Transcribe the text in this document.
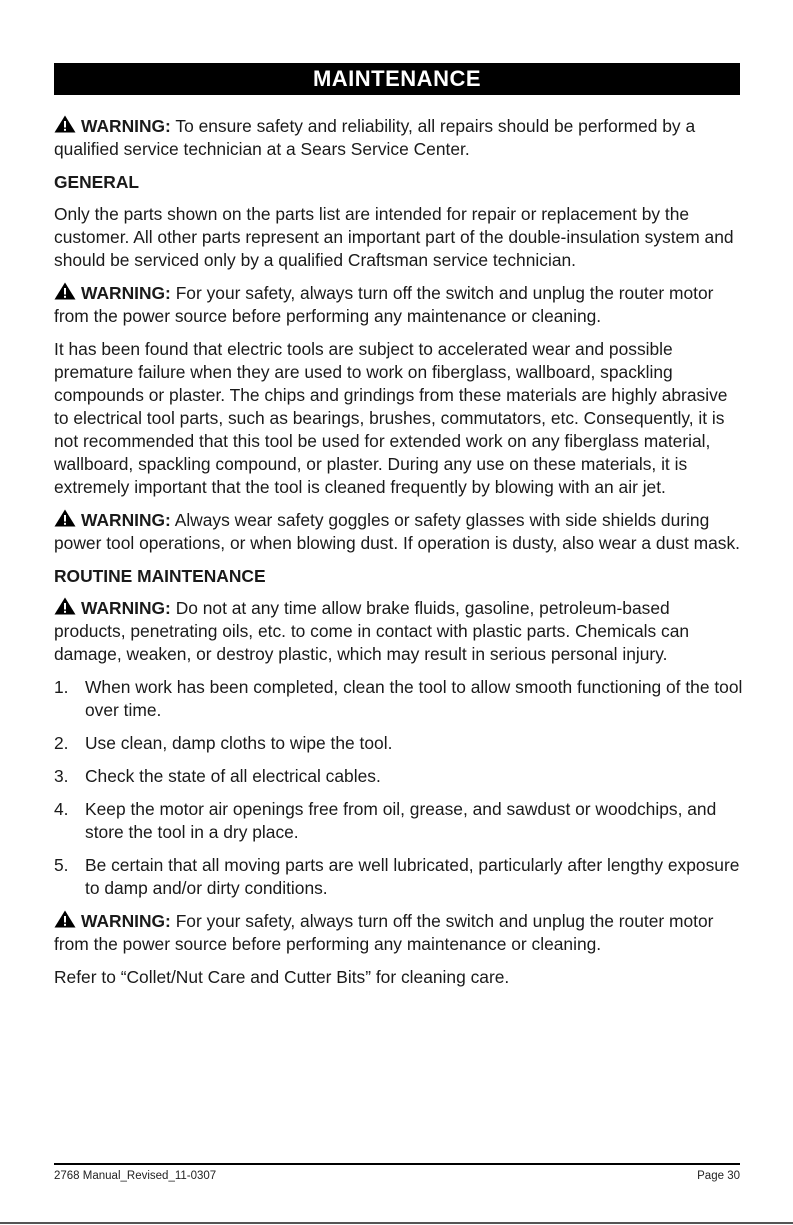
MAINTENANCE

WARNING: To ensure safety and reliability, all repairs should be performed by a qualified service technician at a Sears Service Center.

GENERAL

Only the parts shown on the parts list are intended for repair or replacement by the customer. All other parts represent an important part of the double-insulation system and should be serviced only by a qualified Craftsman service technician.

WARNING: For your safety, always turn off the switch and unplug the router motor from the power source before performing any maintenance or cleaning.

It has been found that electric tools are subject to accelerated wear and possible premature failure when they are used to work on fiberglass, wallboard, spackling compounds or plaster. The chips and grindings from these materials are highly abrasive to electrical tool parts, such as bearings, brushes, commutators, etc. Consequently, it is not recommended that this tool be used for extended work on any fiberglass material, wallboard, spackling compound, or plaster. During any use on these materials, it is extremely important that the tool is cleaned frequently by blowing with an air jet.

WARNING: Always wear safety goggles or safety glasses with side shields during power tool operations, or when blowing dust. If operation is dusty, also wear a dust mask.

ROUTINE MAINTENANCE

WARNING: Do not at any time allow brake fluids, gasoline, petroleum-based products, penetrating oils, etc. to come in contact with plastic parts. Chemicals can damage, weaken, or destroy plastic, which may result in serious personal injury.

1. When work has been completed, clean the tool to allow smooth functioning of the tool over time.
2. Use clean, damp cloths to wipe the tool.
3. Check the state of all electrical cables.
4. Keep the motor air openings free from oil, grease, and sawdust or woodchips, and store the tool in a dry place.
5. Be certain that all moving parts are well lubricated, particularly after lengthy exposure to damp and/or dirty conditions.

WARNING: For your safety, always turn off the switch and unplug the router motor from the power source before performing any maintenance or cleaning.

Refer to “Collet/Nut Care and Cutter Bits” for cleaning care.

2768 Manual_Revised_11-0307	Page 30
